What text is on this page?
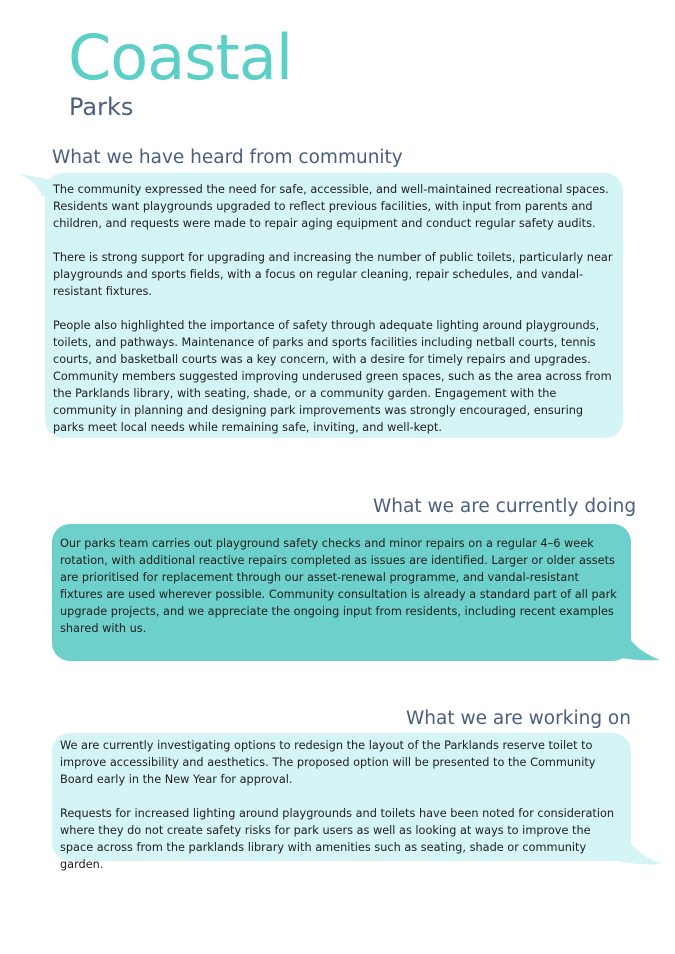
Coastal
Parks
What we have heard from community

The community expressed the need for safe, accessible, and well-maintained recreational spaces. Residents want playgrounds upgraded to reflect previous facilities, with input from parents and children, and requests were made to repair aging equipment and conduct regular safety audits.

There is strong support for upgrading and increasing the number of public toilets, particularly near playgrounds and sports fields, with a focus on regular cleaning, repair schedules, and vandal-resistant fixtures.

People also highlighted the importance of safety through adequate lighting around playgrounds, toilets, and pathways. Maintenance of parks and sports facilities including netball courts, tennis courts, and basketball courts was a key concern, with a desire for timely repairs and upgrades. Community members suggested improving underused green spaces, such as the area across from the Parklands library, with seating, shade, or a community garden. Engagement with the community in planning and designing park improvements was strongly encouraged, ensuring parks meet local needs while remaining safe, inviting, and well-kept.

What we are currently doing

Our parks team carries out playground safety checks and minor repairs on a regular 4–6 week rotation, with additional reactive repairs completed as issues are identified. Larger or older assets are prioritised for replacement through our asset-renewal programme, and vandal-resistant fixtures are used wherever possible. Community consultation is already a standard part of all park upgrade projects, and we appreciate the ongoing input from residents, including recent examples shared with us.

What we are working on

We are currently investigating options to redesign the layout of the Parklands reserve toilet to improve accessibility and aesthetics. The proposed option will be presented to the Community Board early in the New Year for approval.

Requests for increased lighting around playgrounds and toilets have been noted for consideration where they do not create safety risks for park users as well as looking at ways to improve the space across from the parklands library with amenities such as seating, shade or community garden.
